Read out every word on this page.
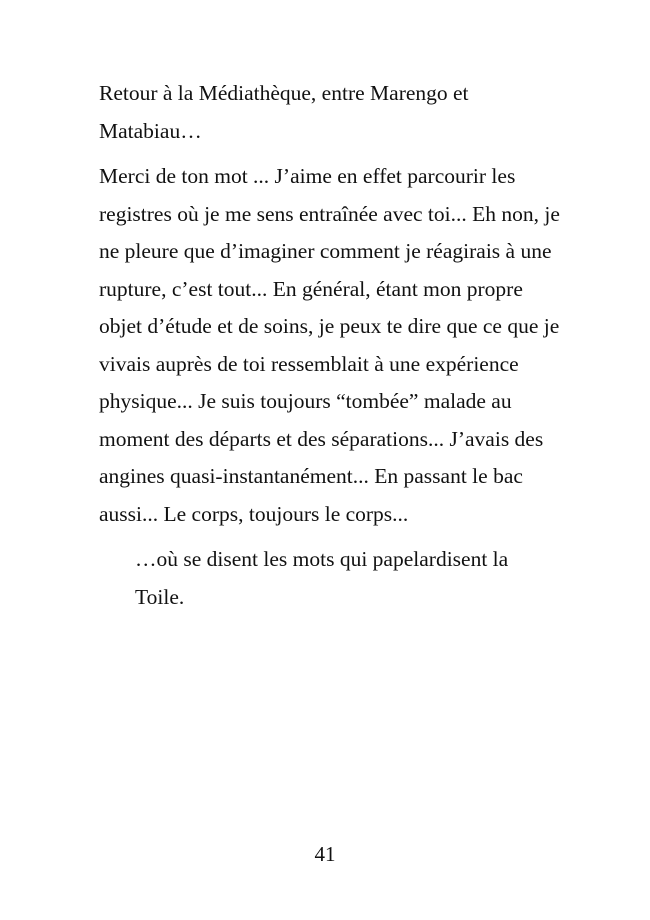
Retour à la Médiathèque, entre Marengo et
Matabiau…

Merci de ton mot ... J’aime en effet parcourir les
registres où je me sens entraînée avec toi... Eh non, je
ne pleure que d’imaginer comment je réagirais à une
rupture, c’est tout... En général, étant mon propre
objet d’étude et de soins, je peux te dire que ce que je
vivais auprès de toi ressemblait à une expérience
physique... Je suis toujours “tombée” malade au
moment des départs et des séparations... J’avais des
angines quasi-instantanément... En passant le bac
aussi... Le corps, toujours le corps...

…où se disent les mots qui papelardisent la
Toile.

41
